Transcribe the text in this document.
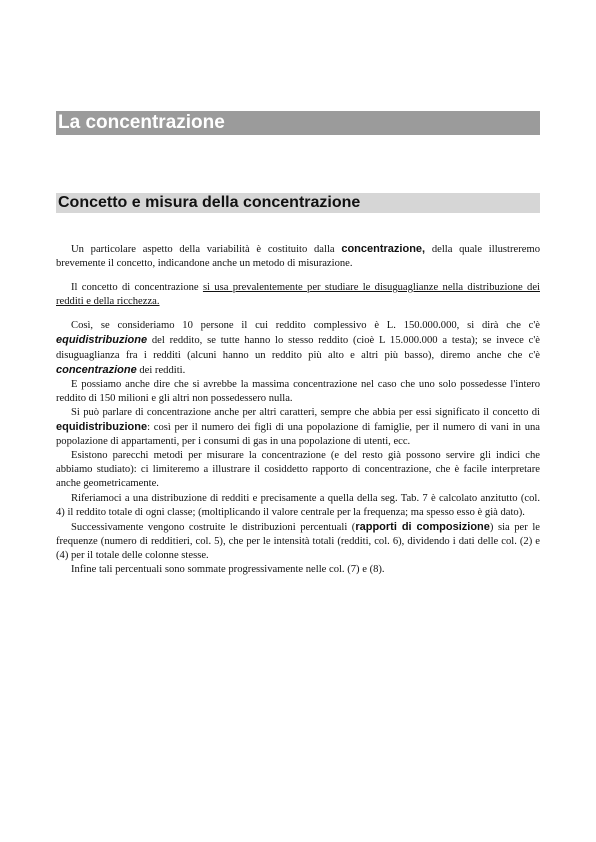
La concentrazione
Concetto e misura della concentrazione

Un particolare aspetto della variabilità è costituito dalla concentrazione, della quale illustreremo brevemente il concetto, indicandone anche un metodo di misurazione.

Il concetto di concentrazione si usa prevalentemente per studiare le disuguaglianze nella distribuzione dei redditi e della ricchezza.

Così, se consideriamo 10 persone il cui reddito complessivo è L. 150.000.000, si dirà che c'è equidistribuzione del reddito, se tutte hanno lo stesso reddito (cioè L 15.000.000 a testa); se invece c'è disuguaglianza fra i redditi (alcuni hanno un reddito più alto e altri più basso), diremo anche che c'è concentrazione dei redditi.

E possiamo anche dire che si avrebbe la massima concentrazione nel caso che uno solo possedesse l'intero reddito di 150 milioni e gli altri non possedessero nulla.

Si può parlare di concentrazione anche per altri caratteri, sempre che abbia per essi significato il concetto di equidistribuzione: così per il numero dei figli di una popolazione di famiglie, per il numero di vani in una popolazione di appartamenti, per i consumi di gas in una popolazione di utenti, ecc.

Esistono parecchi metodi per misurare la concentrazione (e del resto già possono servire gli indici che abbiamo studiato): ci limiteremo a illustrare il cosiddetto rapporto di concentrazione, che è facile interpretare anche geometricamente.

Riferiamoci a una distribuzione di redditi e precisamente a quella della seg. Tab. 7 è calcolato anzitutto (col. 4) il reddito totale di ogni classe; (moltiplicando il valore centrale per la frequenza; ma spesso esso è già dato).

Successivamente vengono costruite le distribuzioni percentuali (rapporti di composizione) sia per le frequenze (numero di redditieri, col. 5), che per le intensità totali (redditi, col. 6), dividendo i dati delle col. (2) e (4) per il totale delle colonne stesse.

Infine tali percentuali sono sommate progressivamente nelle col. (7) e (8).
